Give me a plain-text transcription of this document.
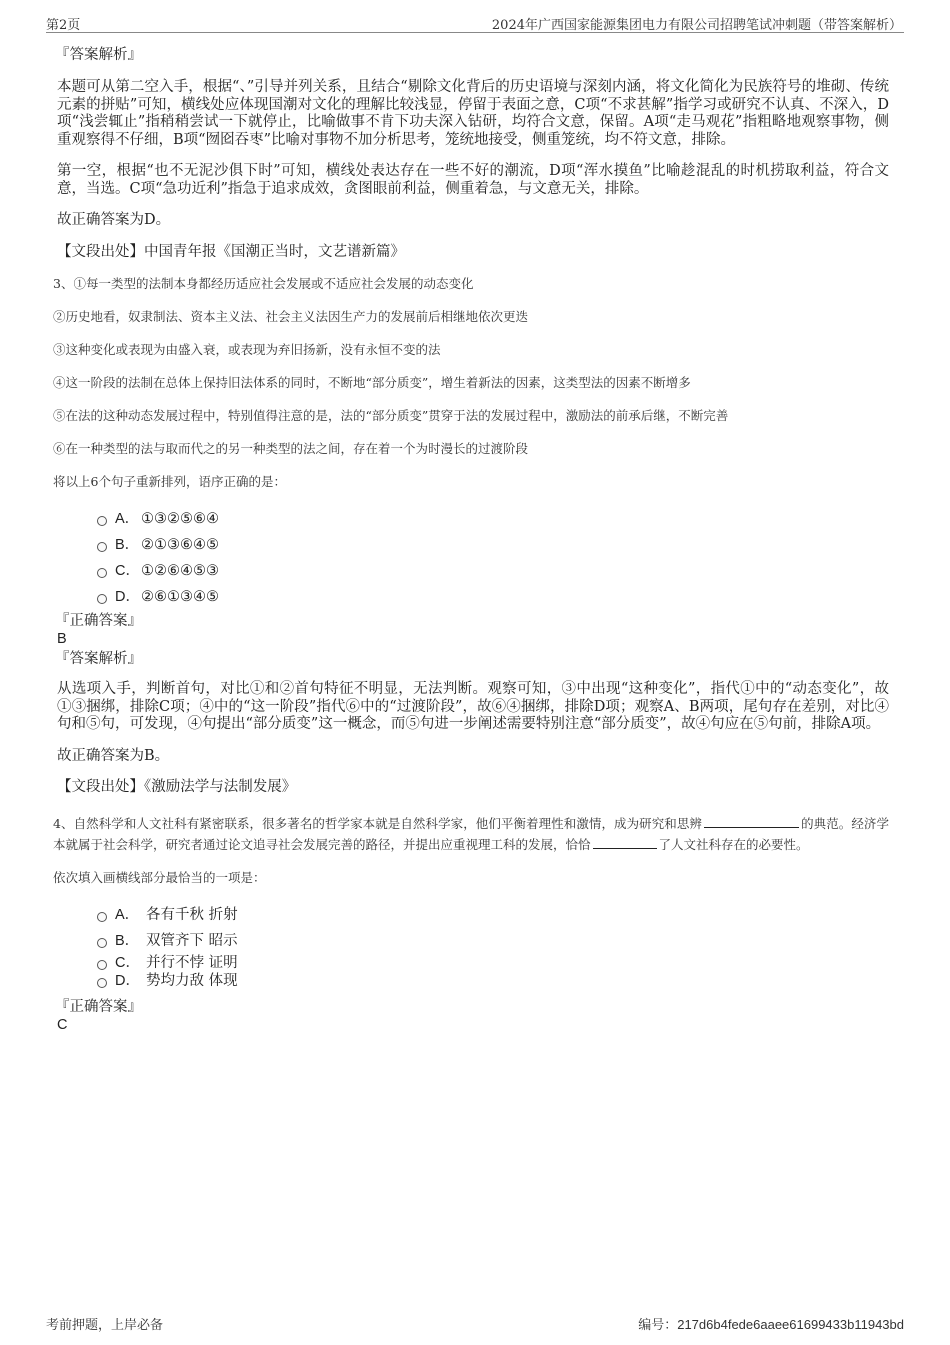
第2页	2024年广西国家能源集团电力有限公司招聘笔试冲刺题（带答案解析）

『答案解析』

本题可从第二空入手，根据“、”引导并列关系，且结合“剔除文化背后的历史语境与深刻内涵，将文化简化为民族符号的堆砌、传统元素的拼贴”可知，横线处应体现国潮对文化的理解比较浅显，停留于表面之意，C项“不求甚解”指学习或研究不认真、不深入，D项“浅尝辄止”指稍稍尝试一下就停止，比喻做事不肯下功夫深入钻研，均符合文意，保留。A项“走马观花”指粗略地观察事物，侧重观察得不仔细，B项“囫囵吞枣”比喻对事物不加分析思考，笼统地接受，侧重笼统，均不符文意，排除。

第一空，根据“也不无泥沙俱下时”可知，横线处表达存在一些不好的潮流，D项“浑水摸鱼”比喻趁混乱的时机捞取利益，符合文意，当选。C项“急功近利”指急于追求成效，贪图眼前利益，侧重着急，与文意无关，排除。

故正确答案为D。

【文段出处】中国青年报《国潮正当时，文艺谱新篇》

3、①每一类型的法制本身都经历适应社会发展或不适应社会发展的动态变化

②历史地看，奴隶制法、资本主义法、社会主义法因生产力的发展前后相继地依次更迭

③这种变化或表现为由盛入衰，或表现为弃旧扬新，没有永恒不变的法

④这一阶段的法制在总体上保持旧法体系的同时，不断地“部分质变”，增生着新法的因素，这类型法的因素不断增多

⑤在法的这种动态发展过程中，特别值得注意的是，法的“部分质变”贯穿于法的发展过程中，激励法的前承后继，不断完善

⑥在一种类型的法与取而代之的另一种类型的法之间，存在着一个为时漫长的过渡阶段

将以上6个句子重新排列，语序正确的是：

A． ①③②⑤⑥④
B． ②①③⑥④⑤
C． ①②⑥④⑤③
D． ②⑥①③④⑤

『正确答案』

B

『答案解析』

从选项入手，判断首句，对比①和②首句特征不明显，无法判断。观察可知，③中出现“这种变化”，指代①中的“动态变化”，故①③捆绑，排除C项；④中的“这一阶段”指代⑥中的“过渡阶段”，故⑥④捆绑，排除D项；观察A、B两项，尾句存在差别，对比④句和⑤句，可发现，④句提出“部分质变”这一概念，而⑤句进一步阐述需要特别注意“部分质变”，故④句应在⑤句前，排除A项。

故正确答案为B。

【文段出处】《激励法学与法制发展》

4、自然科学和人文社科有紧密联系，很多著名的哲学家本就是自然科学家，他们平衡着理性和激情，成为研究和思辨	的典范。经济学本就属于社会科学，研究者通过论文追寻社会发展完善的路径，并提出应重视理工科的发展，恰恰	了人文社科存在的必要性。

依次填入画横线部分最恰当的一项是：

A． 各有千秋 折射
B． 双管齐下 昭示
C． 并行不悖 证明
D． 势均力敌 体现

『正确答案』

C

考前押题，上岸必备	编号：217d6b4fede6aaee61699433b11943bd
